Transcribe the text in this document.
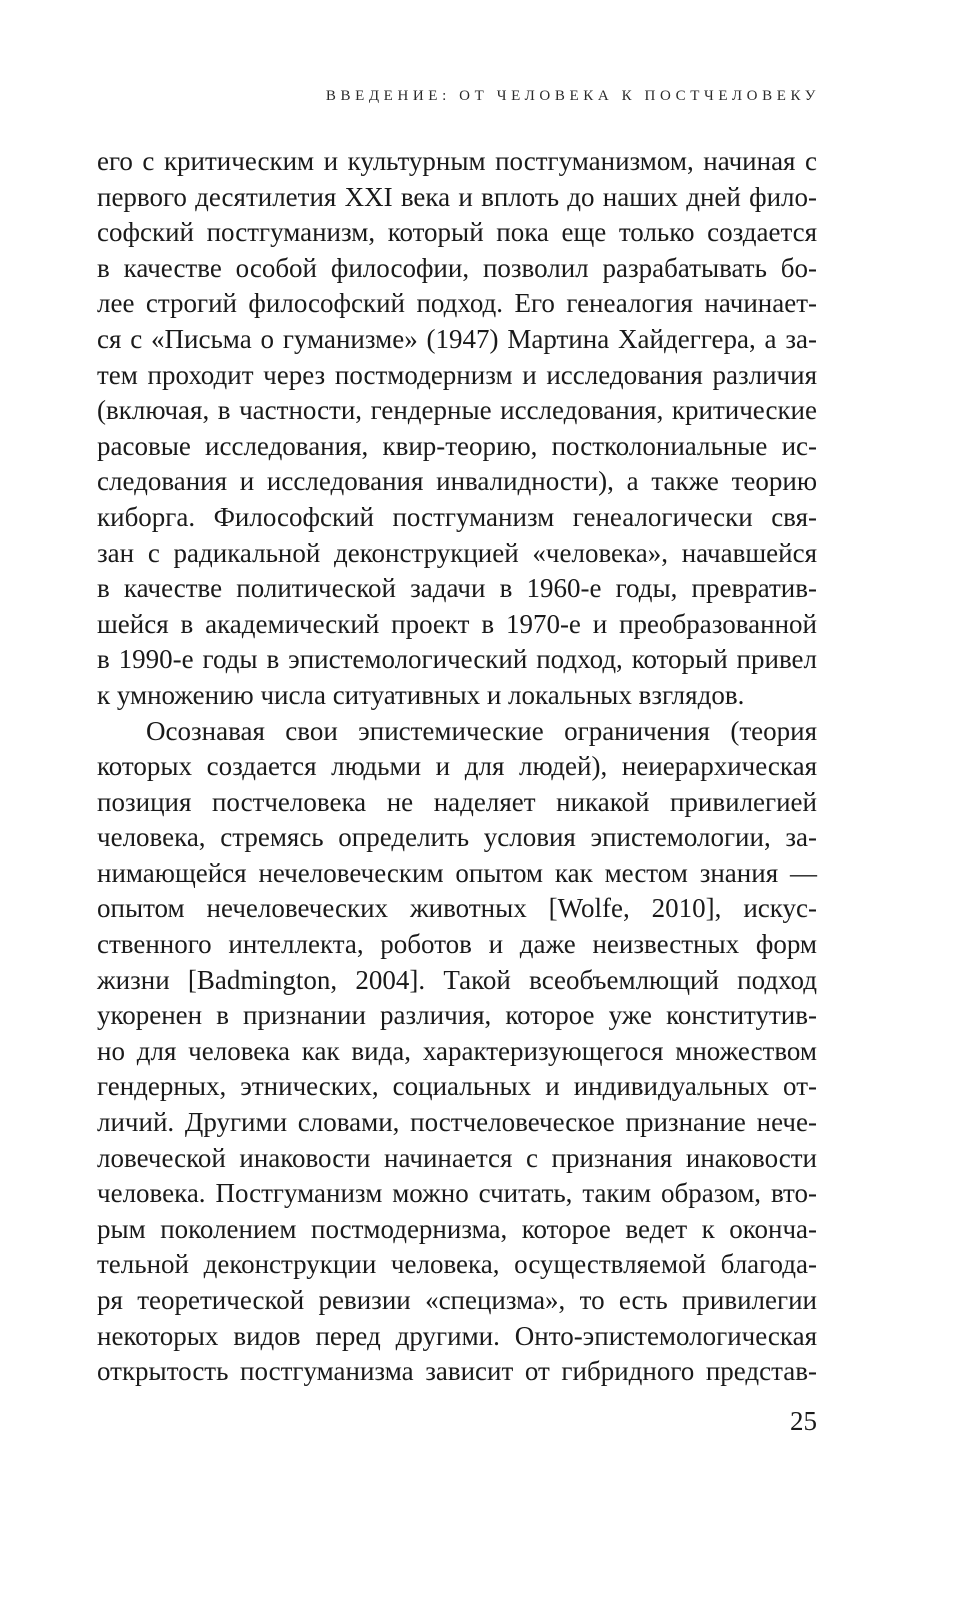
ВВЕДЕНИЕ: ОТ ЧЕЛОВЕКА К ПОСТЧЕЛОВЕКУ
его с критическим и культурным постгуманизмом, начиная с
первого десятилетия XXI века и вплоть до наших дней фило-
софский постгуманизм, который пока еще только создается
в качестве особой философии, позволил разрабатывать бо-
лее строгий философский подход. Его генеалогия начинает-
ся с «Письма о гуманизме» (1947) Мартина Хайдеггера, а за-
тем проходит через постмодернизм и исследования различия
(включая, в частности, гендерные исследования, критические
расовые исследования, квир-теорию, постколониальные ис-
следования и исследования инвалидности), а также теорию
киборга. Философский постгуманизм генеалогически свя-
зан с радикальной деконструкцией «человека», начавшейся
в качестве политической задачи в 1960-е годы, превратив-
шейся в академический проект в 1970-е и преобразованной
в 1990-е годы в эпистемологический подход, который привел
к умножению числа ситуативных и локальных взглядов.
Осознавая свои эпистемические ограничения (теория
которых создается людьми и для людей), неиерархическая
позиция постчеловека не наделяет никакой привилегией
человека, стремясь определить условия эпистемологии, за-
нимающейся нечеловеческим опытом как местом знания —
опытом нечеловеческих животных [Wolfe, 2010], искус-
ственного интеллекта, роботов и даже неизвестных форм
жизни [Badmington, 2004]. Такой всеобъемлющий подход
укоренен в признании различия, которое уже конститутив-
но для человека как вида, характеризующегося множеством
гендерных, этнических, социальных и индивидуальных от-
личий. Другими словами, постчеловеческое признание нече-
ловеческой инаковости начинается с признания инаковости
человека. Постгуманизм можно считать, таким образом, вто-
рым поколением постмодернизма, которое ведет к оконча-
тельной деконструкции человека, осуществляемой благода-
ря теоретической ревизии «специзма», то есть привилегии
некоторых видов перед другими. Онто-эпистемологическая
открытость постгуманизма зависит от гибридного представ-
25
